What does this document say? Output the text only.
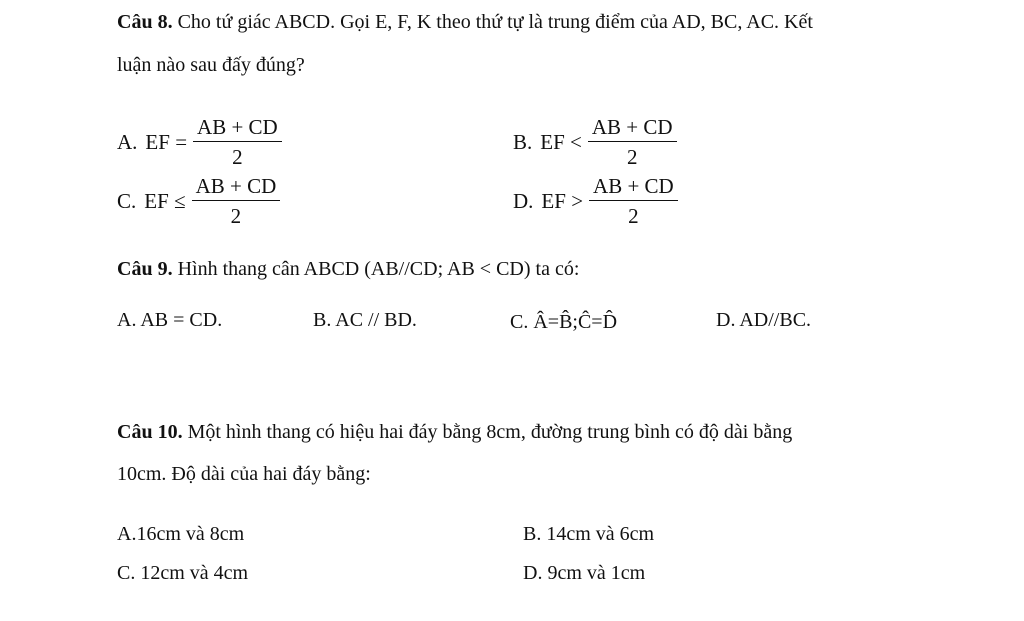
Câu 8. Cho tứ giác ABCD. Gọi E, F, K theo thứ tự là trung điểm của AD, BC, AC. Kết
luận nào sau đấy đúng?
A. EF
= $\frac{AB + CD}{2}$	B. EF
< $\frac{AB + CD}{2}$
C. EF
≤ $\frac{AB + CD}{2}$	D. EF
> $\frac{AB + CD}{2}$
Câu 9. Hình thang cân ABCD (AB//CD; AB < CD) ta có:
A. AB = CD.	B. AC // BD.	C. Â=B̂;Ĉ=D̂	D. AD//BC.
Câu 10. Một hình thang có hiệu hai đáy bằng 8cm, đường trung bình có độ dài bằng
10cm. Độ dài của hai đáy bằng:
A.16cm và 8cm	B. 14cm và 6cm
C. 12cm và 4cm	D. 9cm và 1cm
